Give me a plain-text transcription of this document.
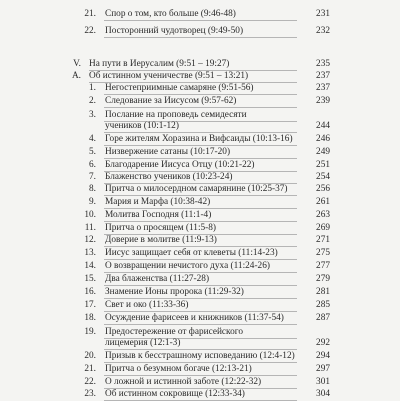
21. Спор о том, кто больше (9:46-48)	231
22. Посторонний чудотворец (9:49-50)	232
V. На пути в Иерусалим (9:51 – 19:27)	235
А. Об истинном ученичестве (9:51 – 13:21)	237
1. Негостеприимные самаряне (9:51-56)	237
2. Следование за Иисусом (9:57-62)	239
3. Послание на проповедь семидесяти
учеников (10:1-12)	244
4. Горе жителям Хоразина и Вифсаиды (10:13-16)	246
5. Низвержение сатаны (10:17-20)	249
6. Благодарение Иисуса Отцу (10:21-22)	251
7. Блаженство учеников (10:23-24)	254
8. Притча о милосердном самарянине (10:25-37)	256
9. Мария и Марфа (10:38-42)	261
10. Молитва Господня (11:1-4)	263
11. Притча о просящем (11:5-8)	269
12. Доверие в молитве (11:9-13)	271
13. Иисус защищает себя от клеветы (11:14-23)	275
14. О возвращении нечистого духа (11:24-26)	277
15. Два блаженства (11:27-28)	279
16. Знамение Ионы пророка (11:29-32)	281
17. Свет и око (11:33-36)	285
18. Осуждение фарисеев и книжников (11:37-54)	287
19. Предостережение от фарисейского
лицемерия (12:1-3)	292
20. Призыв к бесстрашному исповеданию (12:4-12)	294
21. Притча о безумном богаче (12:13-21)	297
22. О ложной и истинной заботе (12:22-32)	301
23. Об истинном сокровище (12:33-34)	304
